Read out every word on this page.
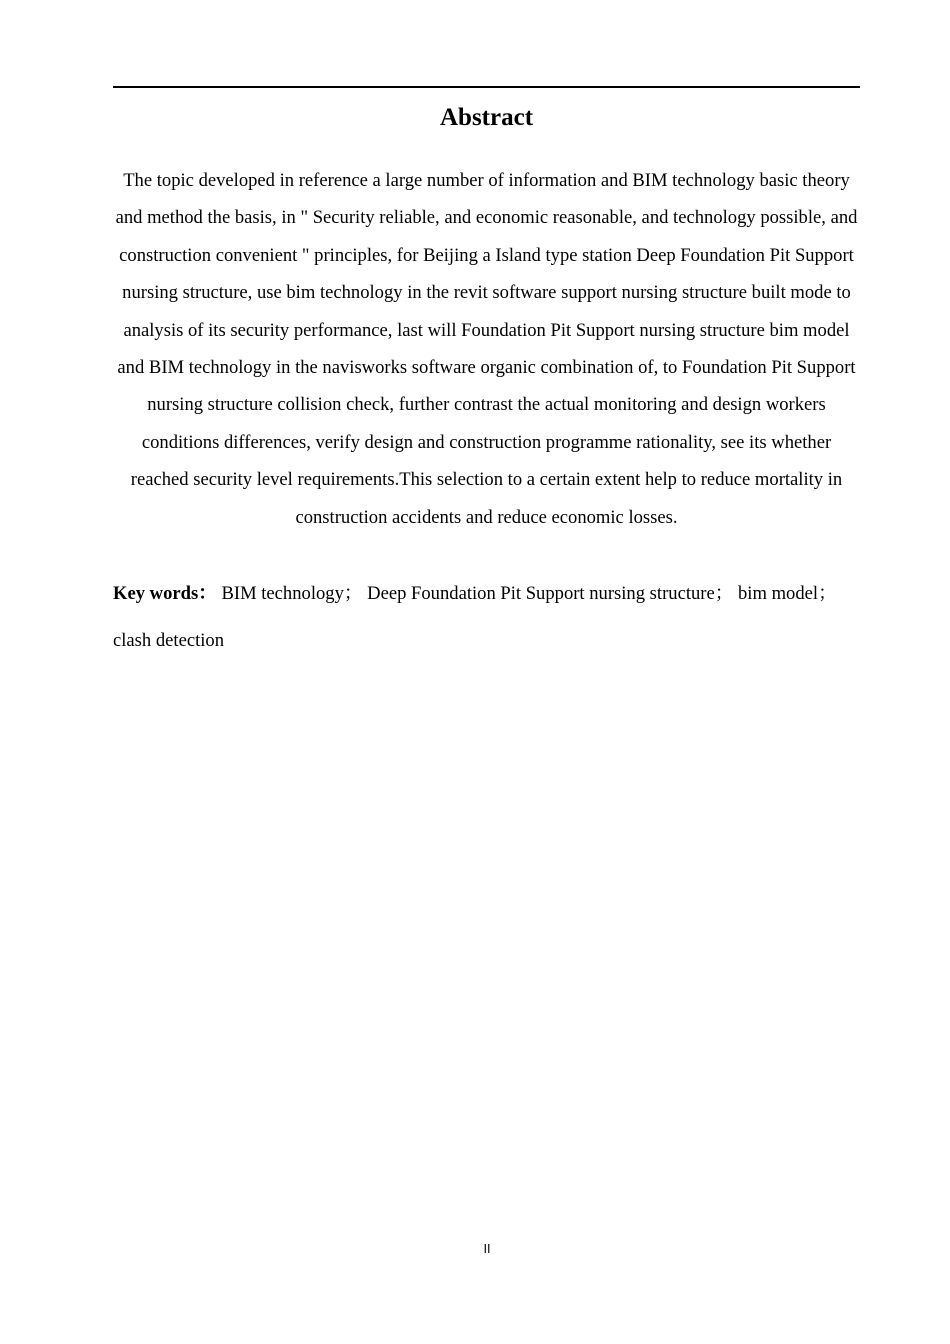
Abstract

The topic developed in reference a large number of information and BIM technology basic theory and method the basis, in " Security reliable, and economic reasonable, and technology possible, and construction convenient " principles, for Beijing a Island type station Deep Foundation Pit Support nursing structure, use bim technology in the revit software support nursing structure built mode to analysis of its security performance, last will Foundation Pit Support nursing structure bim model and BIM technology in the navisworks software organic combination of, to Foundation Pit Support nursing structure collision check, further contrast the actual monitoring and design workers conditions differences, verify design and construction programme rationality, see its whether reached security level requirements.This selection to a certain extent help to reduce mortality in construction accidents and reduce economic losses.

Key words： BIM technology； Deep Foundation Pit Support nursing structure； bim model；
clash detection

II
